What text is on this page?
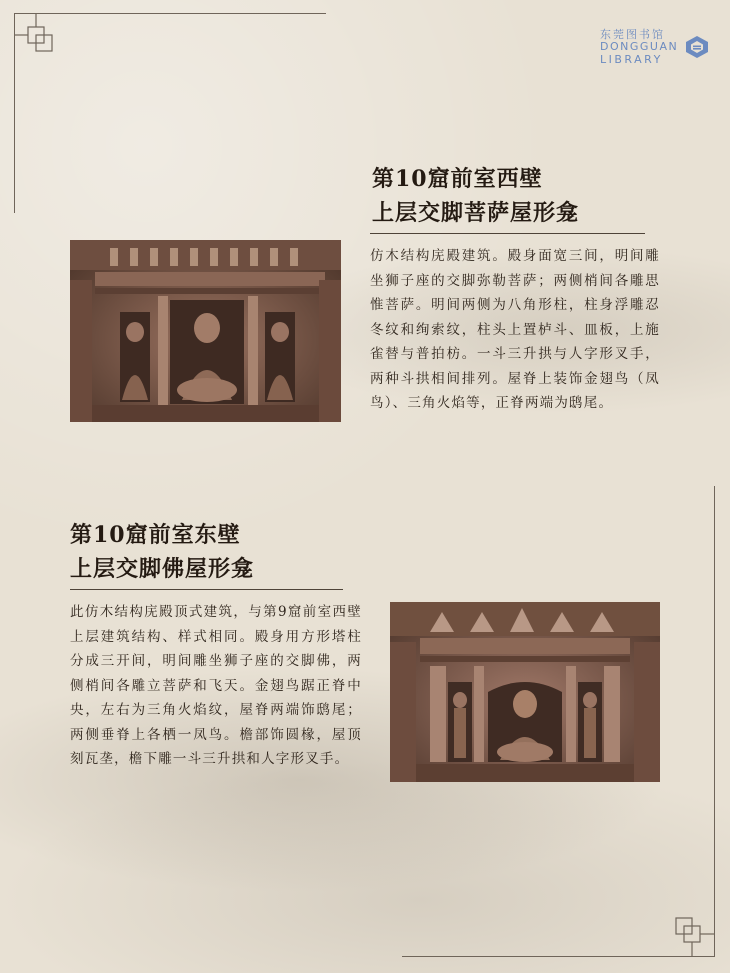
东莞图书馆
DONGGUAN
LIBRARY
第10窟前室西壁
上层交脚菩萨屋形龛
仿木结构庑殿建筑。殿身面宽三间，明间雕坐狮子座的交脚弥勒菩萨；两侧梢间各雕思惟菩萨。明间两侧为八角形柱，柱身浮雕忍冬纹和绚索纹，柱头上置栌斗、皿板，上施雀替与普拍枋。一斗三升拱与人字形叉手，两种斗拱相间排列。屋脊上装饰金翅鸟（凤鸟）、三角火焰等，正脊两端为鸱尾。
第10窟前室东壁
上层交脚佛屋形龛
此仿木结构庑殿顶式建筑，与第9窟前室西壁上层建筑结构、样式相同。殿身用方形塔柱分成三开间，明间雕坐狮子座的交脚佛，两侧梢间各雕立菩萨和飞天。金翅鸟踞正脊中央，左右为三角火焰纹，屋脊两端饰鸱尾；两侧垂脊上各栖一凤鸟。檐部饰圆椽，屋顶刻瓦垄，檐下雕一斗三升拱和人字形叉手。
